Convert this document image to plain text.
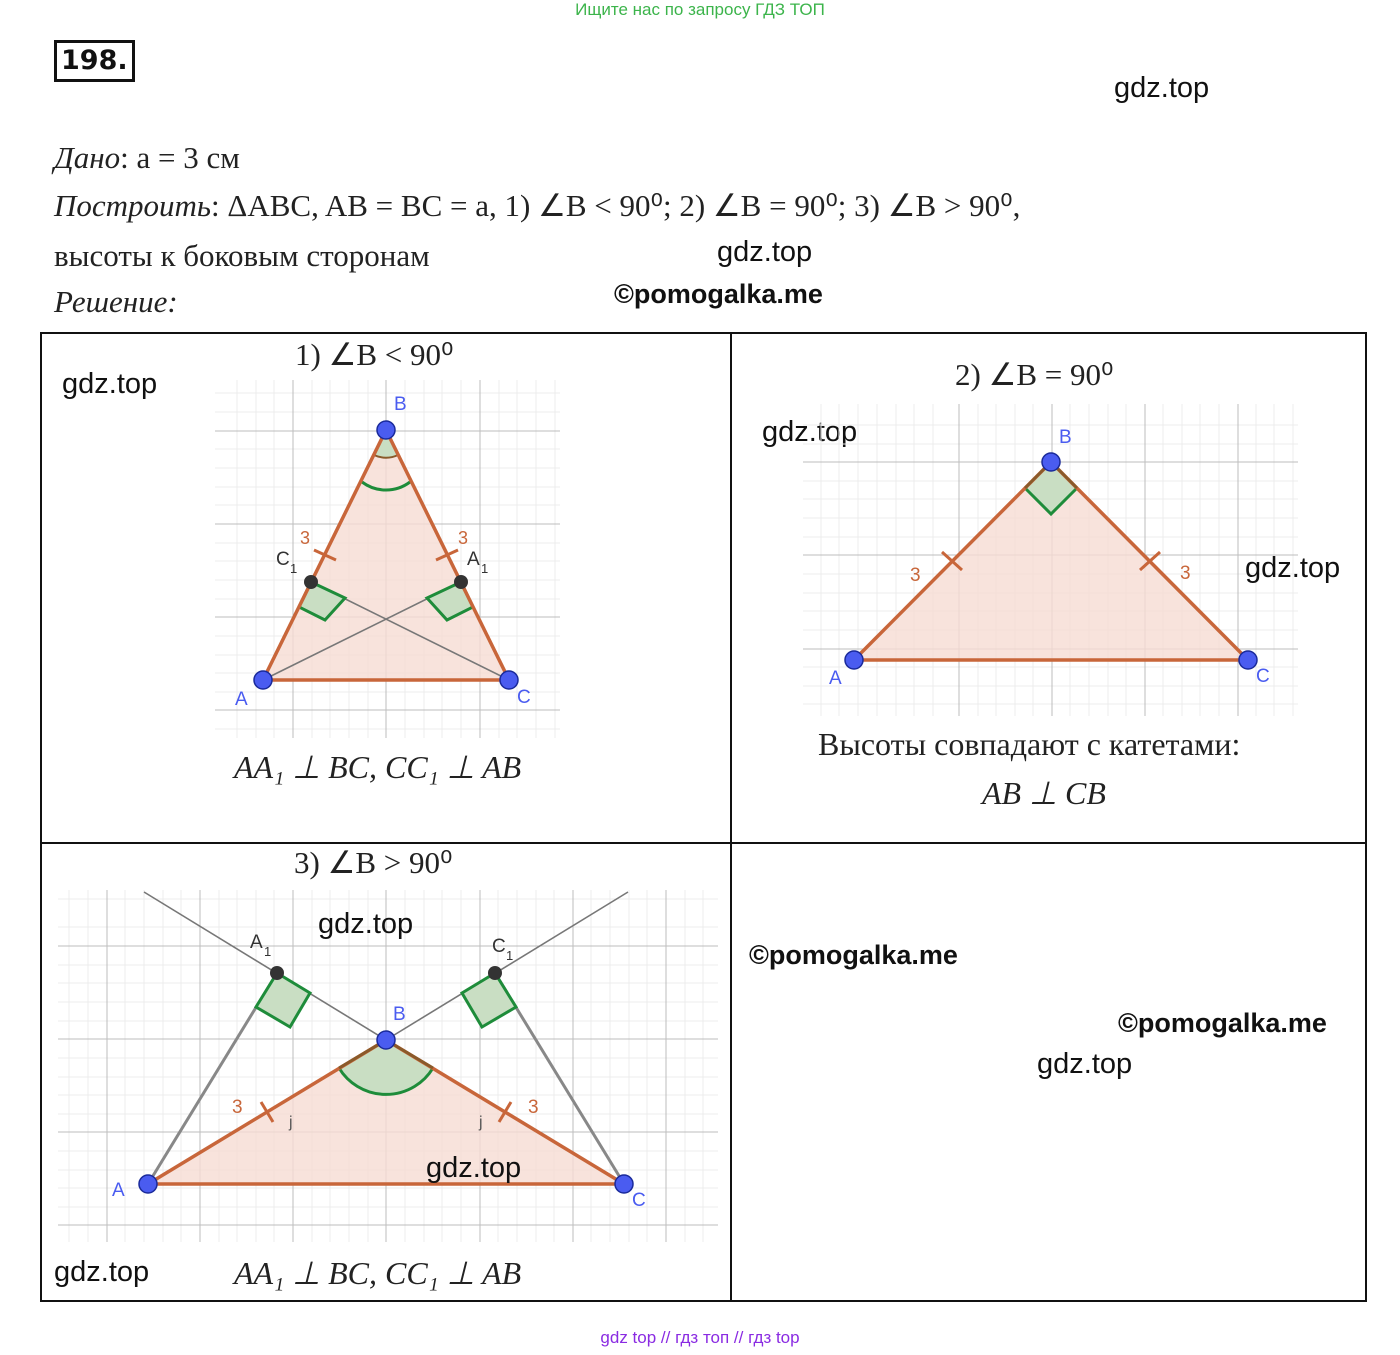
Ищите нас по запросу ГДЗ ТОП
198.
gdz.top
Дано: a = 3 см
Построить: ΔABC, AB = BC = a, 1) ∠B < 90⁰; 2) ∠B = 90⁰; 3) ∠B > 90⁰,
высоты к боковым сторонам	gdz.top
Решение:	©pomogalka.me
1) ∠B < 90⁰
gdz.top
3	3
A
B
C
C 1	A 1
AA₁ ⊥ BC, CC₁ ⊥ AB
2) ∠B = 90⁰
gdz.top
3	3
A
B
C
gdz.top
Высоты совпадают с катетами:
AB ⊥ CB
3) ∠B > 90⁰
3	3
j	j
A
B
C
A 1	C 1
gdz.top
gdz.top
gdz.top	AA₁ ⊥ BC, CC₁ ⊥ AB
©pomogalka.me
©pomogalka.me
gdz.top
gdz top // гдз топ // гдз top
